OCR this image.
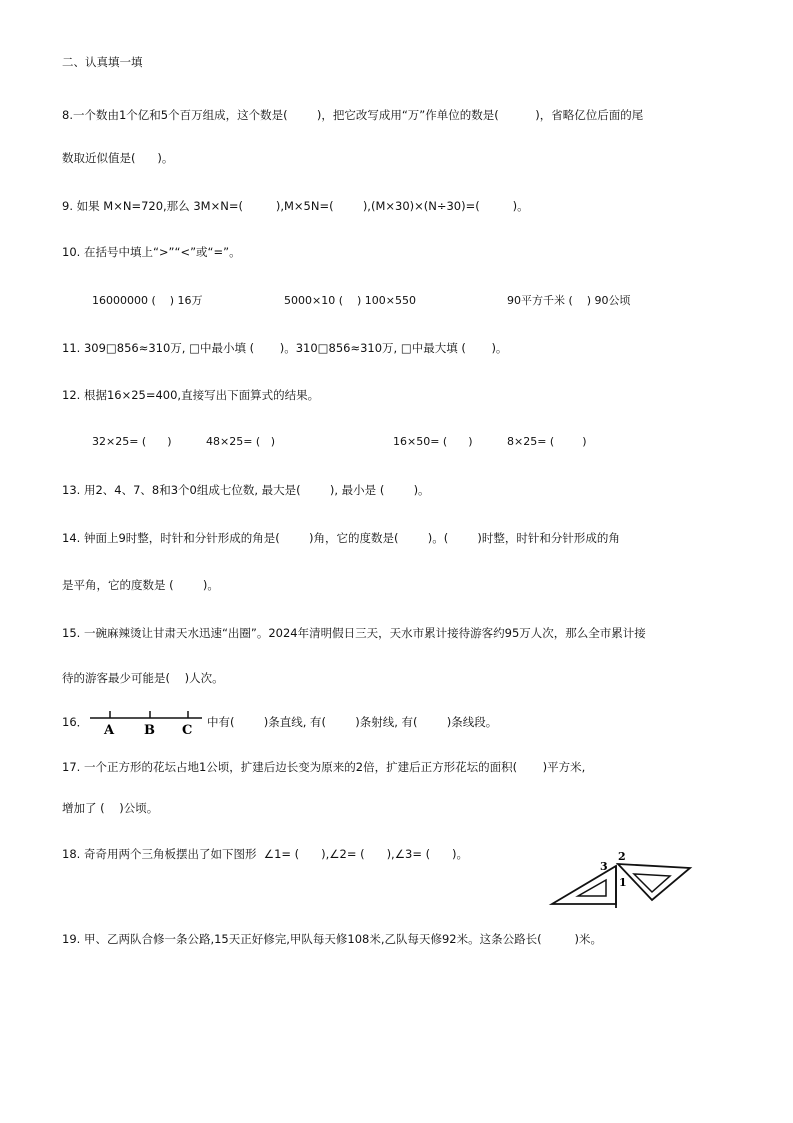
二、认真填一填
8.一个数由1个亿和5个百万组成，这个数是(        )，把它改写成用“万”作单位的数是(          )，省略亿位后面的尾
数取近似值是(      )。
9. 如果 M×N=720,那么 3M×N=(         ),M×5N=(        ),(M×30)×(N÷30)=(         )。
10. 在括号中填上“>”“<”或“=”。
16000000 (    ) 16万	5000×10 (    ) 100×550	90平方千米 (    ) 90公顷
11. 309□856≈310万, □中最小填 (       )。310□856≈310万, □中最大填 (       )。
12. 根据16×25=400,直接写出下面算式的结果。
32×25= (      )	48×25= (   )	16×50= (      )	8×25= (        )
13. 用2、4、7、8和3个0组成七位数, 最大是(        ), 最小是 (        )。
14. 钟面上9时整，时针和分针形成的角是(        )角，它的度数是(        )。(        )时整，时针和分针形成的角
是平角，它的度数是 (        )。
15. 一碗麻辣烫让甘肃天水迅速“出圈”。2024年清明假日三天，天水市累计接待游客约95万人次，那么全市累计接
待的游客最少可能是(    )人次。
16．
A B C
中有(        )条直线, 有(        )条射线, 有(        )条线段。
17. 一个正方形的花坛占地1公顷，扩建后边长变为原来的2倍，扩建后正方形花坛的面积(       )平方米,
增加了 (    )公顷。
18. 奇奇用两个三角板摆出了如下图形  ∠1= (      ),∠2= (      ),∠3= (      )。
3
2
1
19. 甲、乙两队合修一条公路,15天正好修完,甲队每天修108米,乙队每天修92米。这条公路长(         )米。
